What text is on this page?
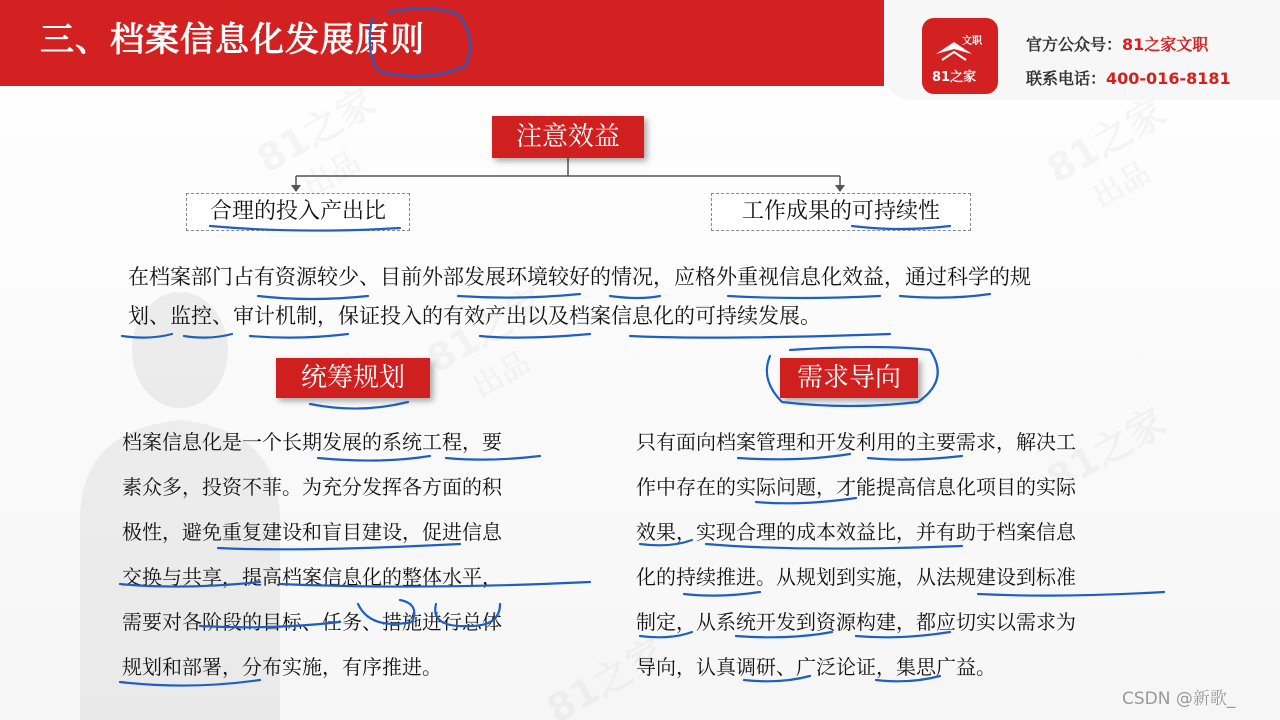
三、档案信息化发展原则	文职
81之家
官方公众号：81之家文职
联系电话：400-016-8181
注意效益
合理的投入产出比	工作成果的可持续性
在档案部门占有资源较少、目前外部发展环境较好的情况，应格外重视信息化效益，通过科学的规
划、监控、审计机制，保证投入的有效产出以及档案信息化的可持续发展。
统筹规划	需求导向
档案信息化是一个长期发展的系统工程，要
素众多，投资不菲。为充分发挥各方面的积
极性，避免重复建设和盲目建设，促进信息
交换与共享，提高档案信息化的整体水平，
需要对各阶段的目标、任务、措施进行总体
规划和部署，分布实施，有序推进。
只有面向档案管理和开发利用的主要需求，解决工
作中存在的实际问题，才能提高信息化项目的实际
效果，实现合理的成本效益比，并有助于档案信息
化的持续推进。从规划到实施，从法规建设到标准
制定，从系统开发到资源构建，都应切实以需求为
导向，认真调研、广泛论证，集思广益。
CSDN @新歌_
